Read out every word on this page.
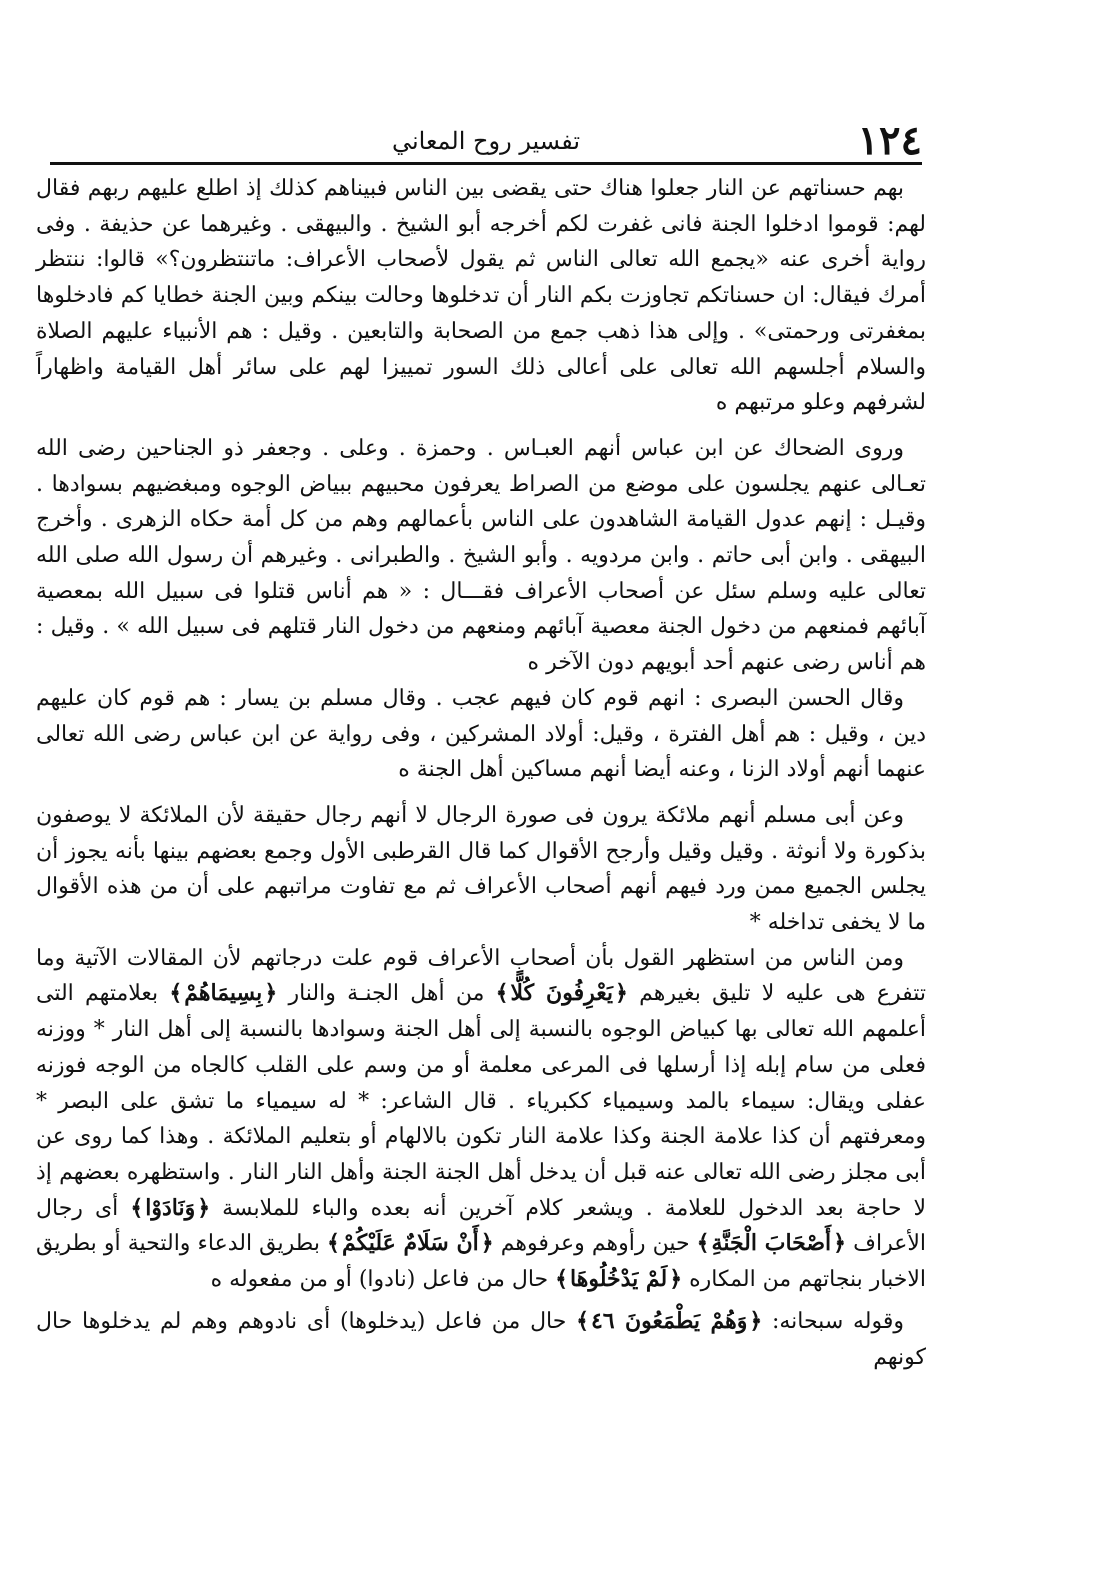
١٢٤
تفسير روح المعاني

بهم حسناتهم عن النار جعلوا هناك حتى يقضى بين الناس فبيناهم كذلك إذ اطلع عليهم ربهم فقال لهم: قوموا ادخلوا الجنة فانى غفرت لكم أخرجه أبو الشيخ . والبيهقى . وغيرهما عن حذيفة . وفى رواية أخرى عنه «يجمع الله تعالى الناس ثم يقول لأصحاب الأعراف: ماتنتظرون؟» قالوا: ننتظر أمرك فيقال: ان حسناتكم تجاوزت بكم النار أن تدخلوها وحالت بينكم وبين الجنة خطايا كم فادخلوها بمغفرتى ورحمتى» . وإلى هذا ذهب جمع من الصحابة والتابعين . وقيل : هم الأنبياء عليهم الصلاة والسلام أجلسهم الله تعالى على أعالى ذلك السور تمييزا لهم على سائر أهل القيامة واظهاراً لشرفهم وعلو مرتبهم ه

وروى الضحاك عن ابن عباس أنهم العبـاس . وحمزة . وعلى . وجعفر ذو الجناحين رضى الله تعـالى عنهم يجلسون على موضع من الصراط يعرفون محبيهم ببياض الوجوه ومبغضيهم بسوادها . وقيـل : إنهم عدول القيامة الشاهدون على الناس بأعمالهم وهم من كل أمة حكاه الزهرى . وأخرج البيهقى . وابن أبى حاتم . وابن مردويه . وأبو الشيخ . والطبرانى . وغيرهم أن رسول الله صلى الله تعالى عليه وسلم سئل عن أصحاب الأعراف فقـــال : « هم أناس قتلوا فى سبيل الله بمعصية آبائهم فمنعهم من دخول الجنة معصية آبائهم ومنعهم من دخول النار قتلهم فى سبيل الله » . وقيل : هم أناس رضى عنهم أحد أبويهم دون الآخر ه

وقال الحسن البصرى : انهم قوم كان فيهم عجب . وقال مسلم بن يسار : هم قوم كان عليهم دين ، وقيل : هم أهل الفترة ، وقيل: أولاد المشركين ، وفى رواية عن ابن عباس رضى الله تعالى عنهما أنهم أولاد الزنا ، وعنه أيضا أنهم مساكين أهل الجنة ه

وعن أبى مسلم أنهم ملائكة يرون فى صورة الرجال لا أنهم رجال حقيقة لأن الملائكة لا يوصفون بذكورة ولا أنوثة . وقيل وقيل وأرجح الأقوال كما قال القرطبى الأول وجمع بعضهم بينها بأنه يجوز أن يجلس الجميع ممن ورد فيهم أنهم أصحاب الأعراف ثم مع تفاوت مراتبهم على أن من هذه الأقوال ما لا يخفى تداخله *

ومن الناس من استظهر القول بأن أصحاب الأعراف قوم علت درجاتهم لأن المقالات الآتية وما تتفرع هى عليه لا تليق بغيرهم ﴿ يَعْرِفُونَ كُلًّا ﴾ من أهل الجنـة والنار ﴿ بِسِيمَاهُمْ ﴾ بعلامتهم التى أعلمهم الله تعالى بها كبياض الوجوه بالنسبة إلى أهل الجنة وسوادها بالنسبة إلى أهل النار * ووزنه فعلى من سام إبله إذا أرسلها فى المرعى معلمة أو من وسم على القلب كالجاه من الوجه فوزنه عفلى ويقال: سيماء بالمد وسيمياء ككبرياء . قال الشاعر: * له سيمياء ما تشق على البصر * ومعرفتهم أن كذا علامة الجنة وكذا علامة النار تكون بالالهام أو بتعليم الملائكة . وهذا كما روى عن أبى مجلز رضى الله تعالى عنه قبل أن يدخل أهل الجنة الجنة وأهل النار النار . واستظهره بعضهم إذ لا حاجة بعد الدخول للعلامة . ويشعر كلام آخرين أنه بعده والباء للملابسة ﴿ وَنَادَوْا ﴾ أى رجال الأعراف ﴿ أَصْحَابَ الْجَنَّةِ ﴾ حين رأوهم وعرفوهم ﴿ أَنْ سَلَامٌ عَلَيْكُمْ ﴾ بطريق الدعاء والتحية أو بطريق الاخبار بنجاتهم من المكاره ﴿ لَمْ يَدْخُلُوهَا ﴾ حال من فاعل (نادوا) أو من مفعوله ه

وقوله سبحانه: ﴿ وَهُمْ يَطْمَعُونَ ٤٦ ﴾ حال من فاعل (يدخلوها) أى نادوهم وهم لم يدخلوها حال كونهم
